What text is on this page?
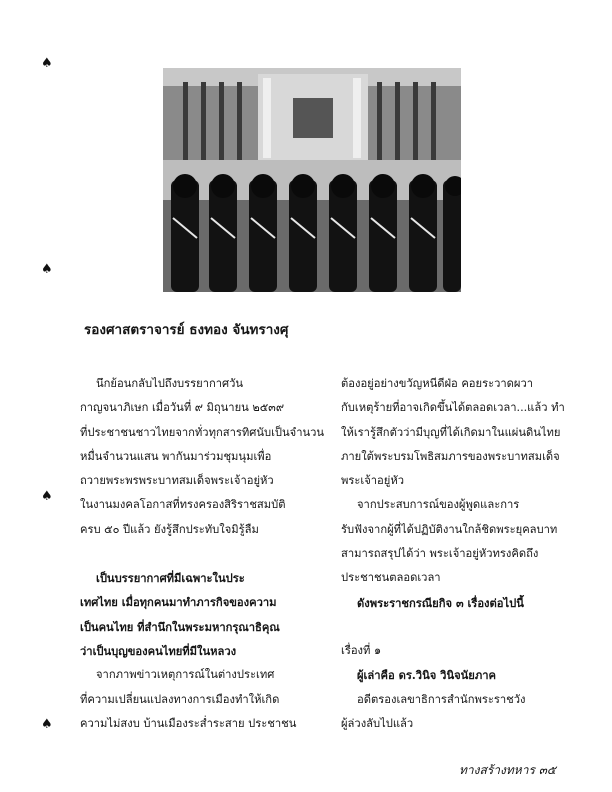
♠
♠
♠
♠
รองศาสตราจารย์ ธงทอง จันทรางศุ

นึกย้อนกลับไปถึงบรรยากาศวัน

กาญจนาภิเษก เมื่อวันที่ ๙ มิถุนายน ๒๕๓๙

ที่ประชาชนชาวไทยจากทั่วทุกสารทิศนับเป็นจำนวน

หมื่นจำนวนแสน พากันมาร่วมชุมนุมเพื่อ

ถวายพระพรพระบาทสมเด็จพระเจ้าอยู่หัว

ในงานมงคลโอกาสที่ทรงครองสิริราชสมบัติ

ครบ ๕๐ ปีแล้ว ยังรู้สึกประทับใจมิรู้ลืม

เป็นบรรยากาศที่มีเฉพาะในประ

เทศไทย เมื่อทุกคนมาทำภารกิจของความ

เป็นคนไทย ที่สำนึกในพระมหากรุณาธิคุณ

ว่าเป็นบุญของคนไทยที่มีในหลวง

จากภาพข่าวเหตุการณ์ในต่างประเทศ

ที่ความเปลี่ยนแปลงทางการเมืองทำให้เกิด

ความไม่สงบ บ้านเมืองระส่ำระสาย ประชาชน

ต้องอยู่อย่างขวัญหนีดีฝ่อ คอยระวาดผวา

กับเหตุร้ายที่อาจเกิดขึ้นได้ตลอดเวลา...แล้ว ทำ

ให้เรารู้สึกตัวว่ามีบุญที่ได้เกิดมาในแผ่นดินไทย

ภายใต้พระบรมโพธิสมภารของพระบาทสมเด็จ

พระเจ้าอยู่หัว

จากประสบการณ์ของผู้พูดและการ

รับฟังจากผู้ที่ได้ปฏิบัติงานใกล้ชิดพระยุคลบาท

สามารถสรุปได้ว่า พระเจ้าอยู่หัวทรงคิดถึง

ประชาชนตลอดเวลา

ดังพระราชกรณียกิจ ๓ เรื่องต่อไปนี้

เรื่องที่ ๑

ผู้เล่าคือ ดร.วินิจ วินิจนัยภาค

อดีตรองเลขาธิการสำนักพระราชวัง

ผู้ล่วงลับไปแล้ว

ทางสร้างทหาร ๓๕
